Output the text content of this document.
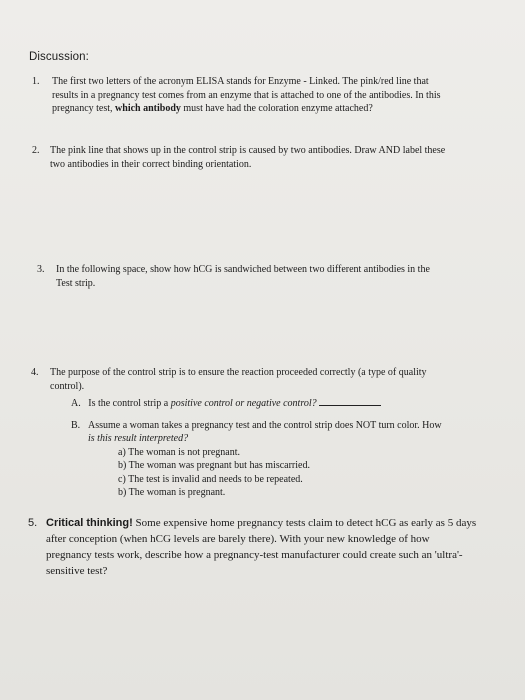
Discussion:
1. The first two letters of the acronym ELISA stands for Enzyme - Linked. The pink/red line that
results in a pregnancy test comes from an enzyme that is attached to one of the antibodies. In this
pregnancy test, which antibody must have had the coloration enzyme attached?
2. The pink line that shows up in the control strip is caused by two antibodies. Draw AND label these
two antibodies in their correct binding orientation.
3. In the following space, show how hCG is sandwiched between two different antibodies in the
Test strip.
4. The purpose of the control strip is to ensure the reaction proceeded correctly (a type of quality
control).
A. Is the control strip a positive control or negative control?
B. Assume a woman takes a pregnancy test and the control strip does NOT turn color. How
is this result interpreted?
a) The woman is not pregnant.
b) The woman was pregnant but has miscarried.
c) The test is invalid and needs to be repeated.
b) The woman is pregnant.
5. Critical thinking! Some expensive home pregnancy tests claim to detect hCG as early as 5 days
after conception (when hCG levels are barely there). With your new knowledge of how
pregnancy tests work, describe how a pregnancy-test manufacturer could create such an 'ultra'-
sensitive test?
